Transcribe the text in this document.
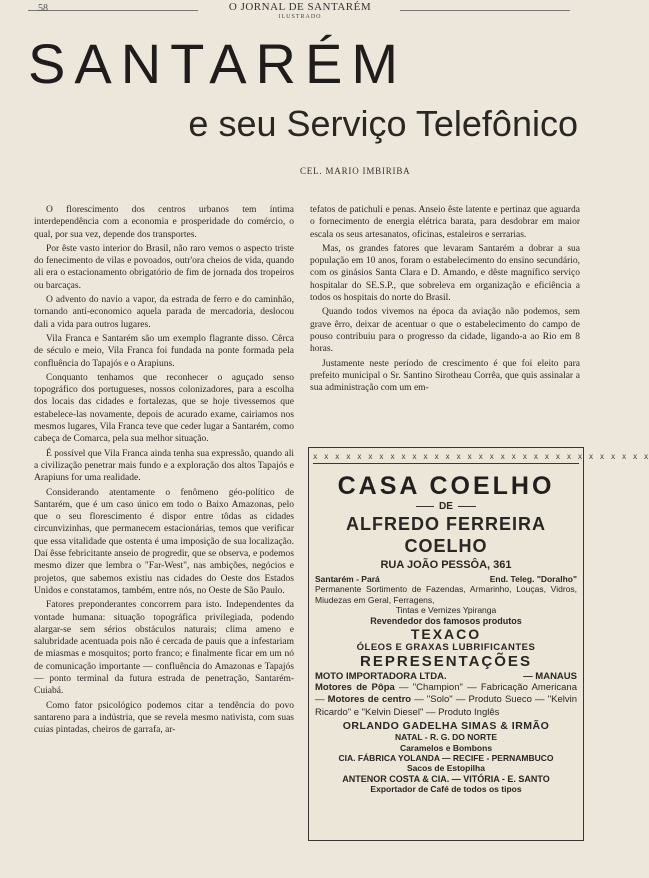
58	O JORNAL DE SANTARÉM
ILUSTRADO
SANTARÉM
e seu Serviço Telefônico
CEL. MARIO IMBIRIBA

O florescimento dos centros urbanos tem íntima interdependência com a economia e prosperidade do comércio, o qual, por sua vez, depende dos transportes.

Por êste vasto interior do Brasil, não raro vemos o aspecto triste do fenecimento de vilas e povoados, outr'ora cheios de vida, quando ali era o estacionamento obrigatório de fim de jornada dos tropeiros ou barcaças.

O advento do navio a vapor, da estrada de ferro e do caminhão, tornando anti-economico aquela parada de mercadoria, deslocou dali a vida para outros lugares.

Vila Franca e Santarém são um exemplo flagrante disso. Cêrca de século e meio, Vila Franca foi fundada na ponte formada pela confluência do Tapajós e o Arapiuns.

Conquanto tenhamos que reconhecer o aguçado senso topográfico dos portugueses, nossos colonizadores, para a escolha dos locais das cidades e fortalezas, que se hoje tivessemos que estabelece-las novamente, depois de acurado exame, cairiamos nos mesmos lugares, Vila Franca teve que ceder lugar a Santarém, como cabeça de Comarca, pela sua melhor situação.

É possível que Vila Franca ainda tenha sua expressão, quando ali a civilização penetrar mais fundo e a exploração dos altos Tapajós e Arapiuns for uma realidade.

Considerando atentamente o fenômeno géo-político de Santarém, que é um caso único em todo o Baixo Amazonas, pelo que o seu florescimento é dispor entre tôdas as cidades circunvizinhas, que permanecem estacionárias, temos que verificar que essa vitalidade que ostenta é uma imposição de sua localização. Daí êsse febricitante anseio de progredir, que se observa, e podemos mesmo dizer que lembra o "Far-West", nas ambições, negócios e projetos, que sabemos existiu nas cidades do Oeste dos Estados Unidos e constatamos, também, entre nós, no Oeste de São Paulo.

Fatores preponderantes concorrem para isto. Independentes da vontade humana: situação topográfica privilegiada, podendo alargar-se sem sérios obstáculos naturais; clima ameno e salubridade acentuada pois não é cercada de pauis que a infestariam de miasmas e mosquitos; porto franco; e finalmente ficar em um nó de comunicação importante — confluência do Amazonas e Tapajós — ponto terminal da futura estrada de penetração, Santarém-Cuiabá.

Como fator psicológico podemos citar a tendência do povo santareno para a indústria, que se revela mesmo nativista, com suas cuias pintadas, cheiros de garrafa, ar-

tefatos de patichuli e penas. Anseio êste latente e pertinaz que aguarda o fornecimento de energia elétrica barata, para desdobrar em maior escala os seus artesanatos, oficinas, estaleiros e serrarias.

Mas, os grandes fatores que levaram Santarém a dobrar a sua população em 10 anos, foram o estabelecimento do ensino secundário, com os ginásios Santa Clara e D. Amando, e dêste magnífico serviço hospitalar do SE.S.P., que sobreleva em organização e eficiência a todos os hospitais do norte do Brasil.

Quando todos vivemos na época da aviação não podemos, sem grave êrro, deixar de acentuar o que o estabelecimento do campo de pouso contribuiu para o progresso da cidade, ligando-a ao Rio em 8 horas.

Justamente neste período de crescimento é que foi eleito para prefeito municipal o Sr. Santino Sirotheau Corrêa, que quis assinalar a sua administração com um em-

x x x x x x x x x x x x x x x x x x x x x x x x x x x x x x x
CASA COELHO
DE
ALFREDO FERREIRA
COELHO
RUA JOÃO PESSÔA, 361
Santarém - Pará	End. Teleg. "Doralho"
Permanente Sortimento de Fazendas, Armarinho, Louças, Vidros, Miudezas em Geral, Ferragens,
Tintas e Vernizes Ypiranga
Revendedor dos famosos produtos
TEXACO
ÓLEOS E GRAXAS LUBRIFICANTES
REPRESENTAÇÕES
MOTO IMPORTADORA LTDA.	— MANAUS
Motores de Pôpa — "Champion" — Fabricação Americana — Motores de centro — "Solo" — Produto Sueco — "Kelvin Ricardo" e "Kelvin Diesel" — Produto Inglês
ORLANDO GADELHA SIMAS & IRMÃO
NATAL - R. G. DO NORTE
Caramelos e Bombons
CIA. FÁBRICA YOLANDA — RECIFE - PERNAMBUCO
Sacos de Estopilha
ANTENOR COSTA & CIA. — VITÓRIA - E. SANTO
Exportador de Café de todos os tipos
